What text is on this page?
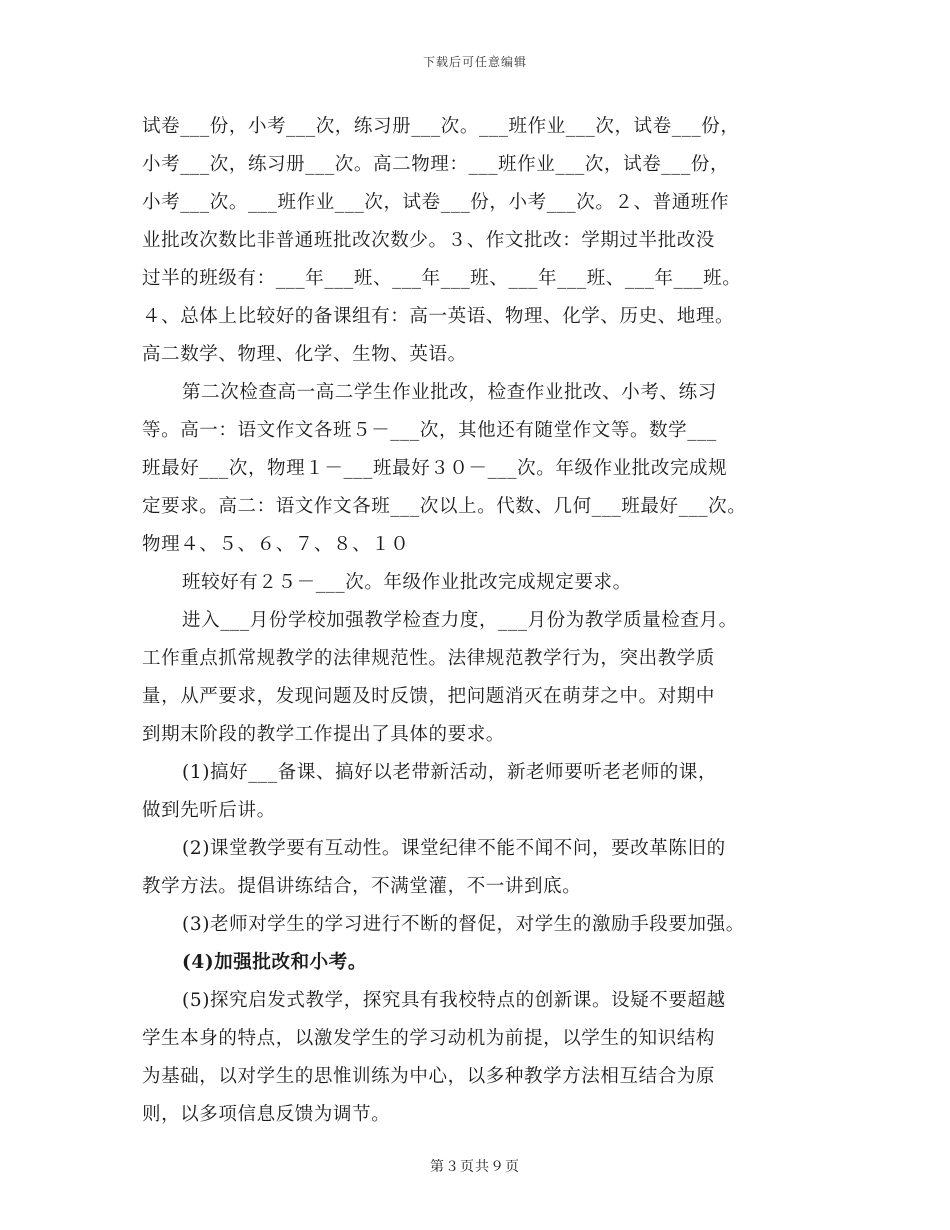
下载后可任意编辑
试卷___份，小考___次，练习册___次。___班作业___次，试卷___份，
小考___次，练习册___次。高二物理：___班作业___次，试卷___份，
小考___次。___班作业___次，试卷___份，小考___次。２、普通班作
业批改次数比非普通班批改次数少。３、作文批改：学期过半批改没
过半的班级有：___年___班、___年___班、___年___班、___年___班。
４、总体上比较好的备课组有：高一英语、物理、化学、历史、地理。
高二数学、物理、化学、生物、英语。
第二次检查高一高二学生作业批改，检查作业批改、小考、练习
等。高一：语文作文各班５－___次，其他还有随堂作文等。数学___
班最好___次，物理１－___班最好３０－___次。年级作业批改完成规
定要求。高二：语文作文各班___次以上。代数、几何___班最好___次。
物理４、５、６、７、８、１０
班较好有２５－___次。年级作业批改完成规定要求。
进入___月份学校加强教学检查力度，___月份为教学质量检查月。
工作重点抓常规教学的法律规范性。法律规范教学行为，突出教学质
量，从严要求，发现问题及时反馈，把问题消灭在萌芽之中。对期中
到期末阶段的教学工作提出了具体的要求。
(1)搞好___备课、搞好以老带新活动，新老师要听老老师的课，
做到先听后讲。
(2)课堂教学要有互动性。课堂纪律不能不闻不问，要改革陈旧的
教学方法。提倡讲练结合，不满堂灌，不一讲到底。
(3)老师对学生的学习进行不断的督促，对学生的激励手段要加强。
(4)加强批改和小考。
(5)探究启发式教学，探究具有我校特点的创新课。设疑不要超越
学生本身的特点，以激发学生的学习动机为前提，以学生的知识结构
为基础，以对学生的思惟训练为中心，以多种教学方法相互结合为原
则，以多项信息反馈为调节。
第３页共９页
